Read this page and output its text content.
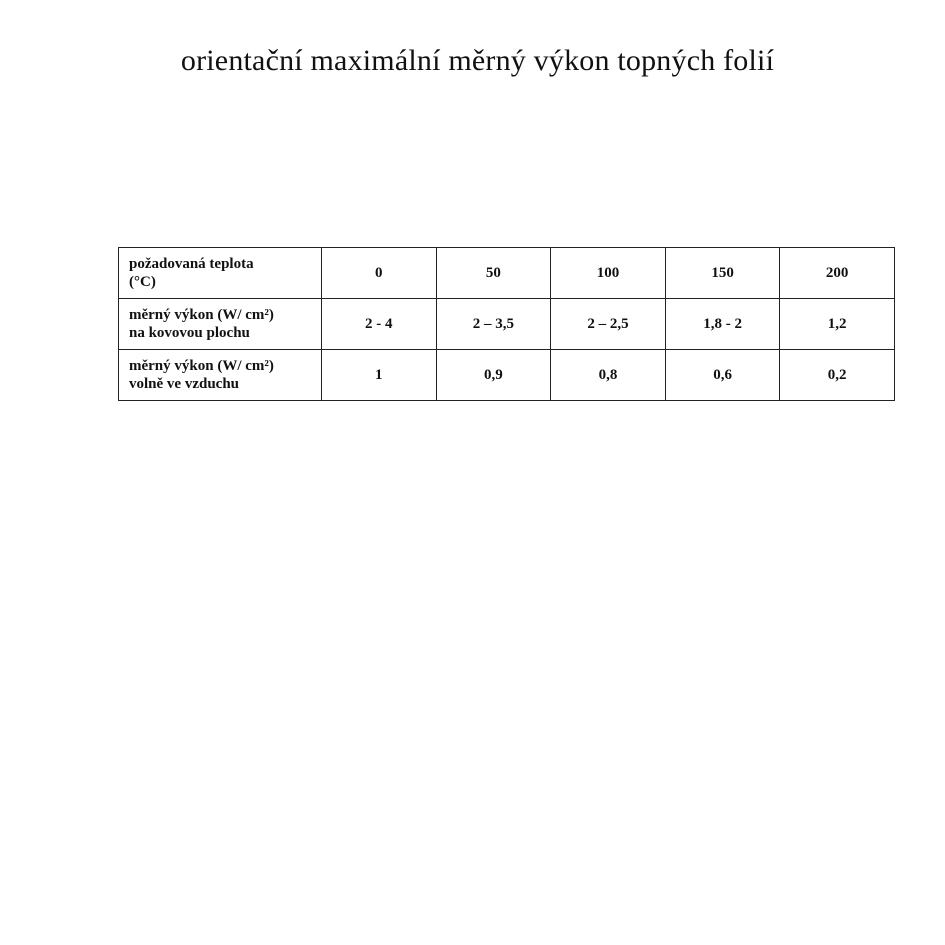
orientační maximální měrný výkon topných folií
požadovaná teplota
(°C)	0	50	100	150	200

měrný výkon (W/ cm²)
na kovovou plochu	2 - 4	2 – 3,5	2 – 2,5	1,8 - 2	1,2

měrný výkon (W/ cm²)
volně ve vzduchu	1	0,9	0,8	0,6	0,2
